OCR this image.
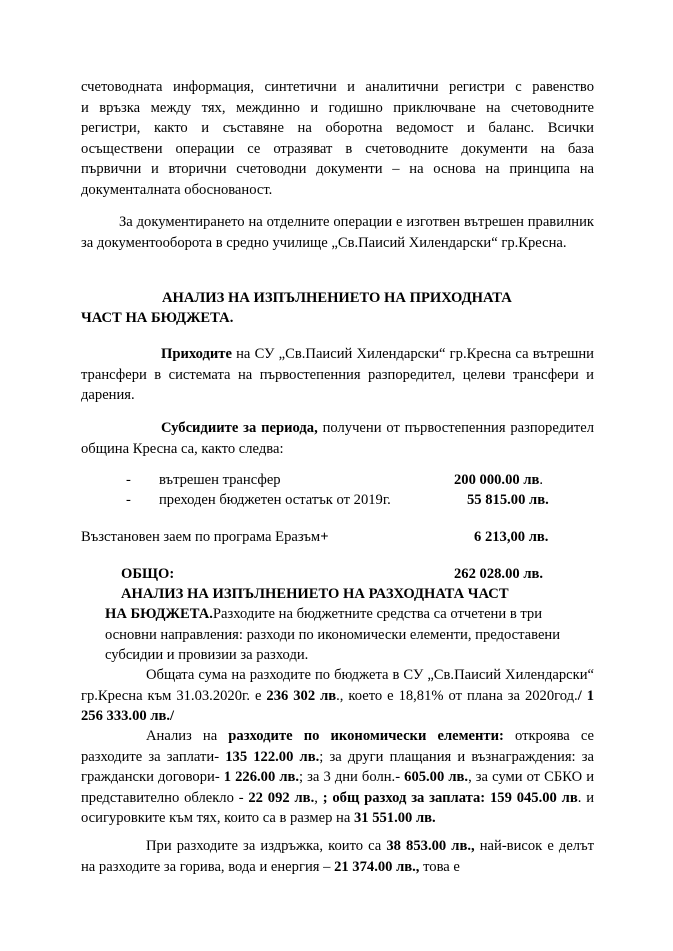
счетоводната информация, синтетични и аналитични регистри с равенство
и връзка между тях, междинно и годишно приключване на счетоводните
регистри, както и съставяне на оборотна ведомост и баланс. Всички
осъществени операции се отразяват в счетоводните документи на база
първични и вторични счетоводни документи – на основа на принципа на
документалната обоснованост.

За документирането на отделните операции е изготвен вътрешен правилник за документооборота в средно училище „Св.Паисий Хилендарски“ гр.Кресна.

АНАЛИЗ НА ИЗПЪЛНЕНИЕТО НА ПРИХОДНАТА
ЧАСТ НА БЮДЖЕТА.

Приходите на СУ „Св.Паисий Хилендарски“ гр.Кресна са вътрешни трансфери в системата на първостепенния разпоредител, целеви трансфери и дарения.

Субсидиите за периода, получени от първостепенния разпоредител община Кресна са, както следва:

- вътрешен трансфер	200 000.00 лв.
- преходен бюджетен остатък от 2019г.	55 815.00 лв.
Възстановен заем по програма Еразъм+	6 213,00 лв.
ОБЩО:	262 028.00 лв.
АНАЛИЗ НА ИЗПЪЛНЕНИЕТО НА РАЗХОДНАТА ЧАСТ
НА БЮДЖЕТА.Разходите на бюджетните средства са отчетени в три
основни направления: разходи по икономически елементи, предоставени
субсидии и провизии за разходи.

Общата сума на разходите по бюджета в СУ „Св.Паисий Хилендарски“ гр.Кресна към 31.03.2020г. е 236 302 лв., което е 18,81% от плана за 2020год./ 1 256 333.00 лв./

Анализ на разходите по икономически елементи: откроява се разходите за заплати- 135 122.00 лв.; за други плащания и възнаграждения: за граждански договори- 1 226.00 лв.; за 3 дни болн.- 605.00 лв., за суми от СБКО и представително облекло - 22 092 лв., ; общ разход за заплата: 159 045.00 лв. и осигуровките към тях, които са в размер на 31 551.00 лв.

При разходите за издръжка, които са 38 853.00 лв., най-висок е делът на разходите за горива, вода и енергия – 21 374.00 лв., това е
